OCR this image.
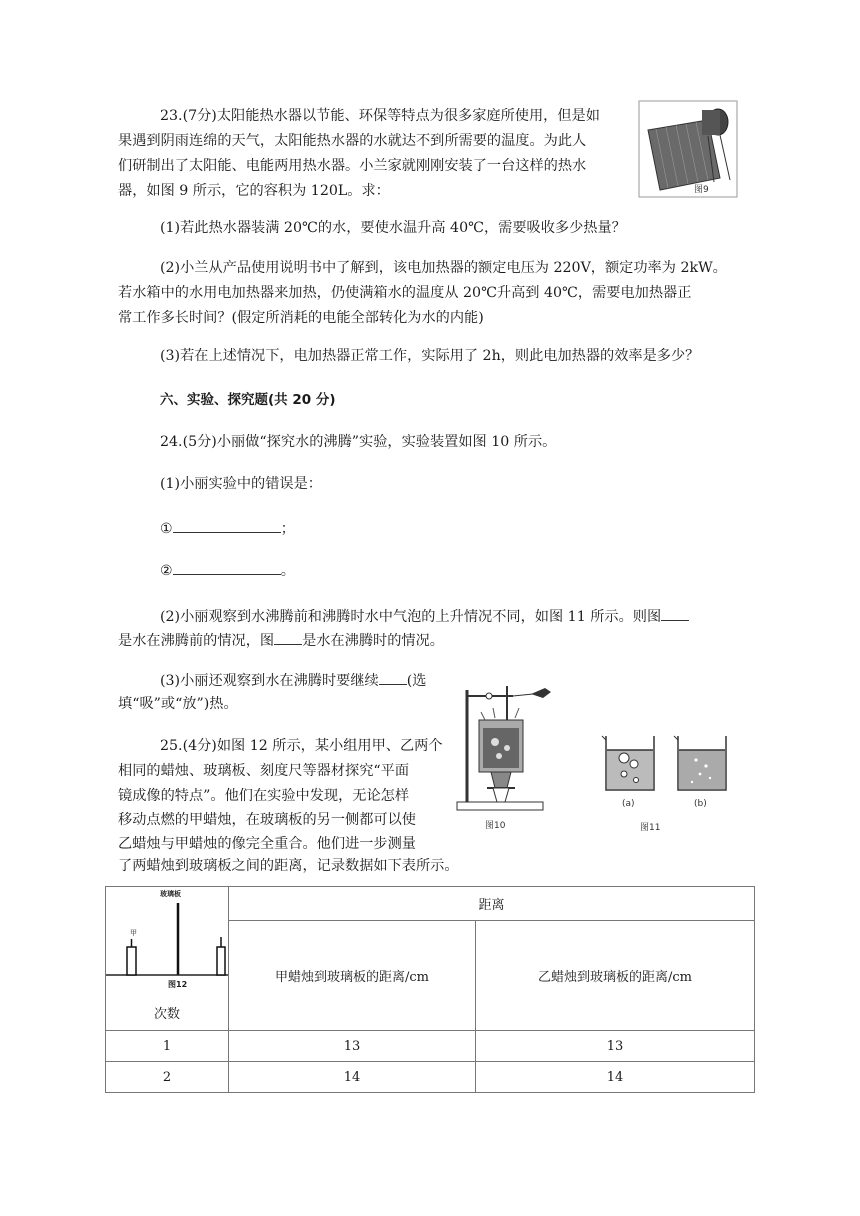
23.(7分)太阳能热水器以节能、环保等特点为很多家庭所使用，但是如
果遇到阴雨连绵的天气，太阳能热水器的水就达不到所需要的温度。为此人
们研制出了太阳能、电能两用热水器。小兰家就刚刚安装了一台这样的热水
器，如图 9 所示，它的容积为 120L。求：	图9
(1)若此热水器装满 20℃的水，要使水温升高 40℃，需要吸收多少热量？
(2)小兰从产品使用说明书中了解到，该电加热器的额定电压为 220V，额定功率为 2kW。
若水箱中的水用电加热器来加热，仍使满箱水的温度从 20℃升高到 40℃，需要电加热器正
常工作多长时间？(假定所消耗的电能全部转化为水的内能)
(3)若在上述情况下，电加热器正常工作，实际用了 2h，则此电加热器的效率是多少？
六、实验、探究题(共 20 分)
24.(5分)小丽做“探究水的沸腾”实验，实验装置如图 10 所示。
(1)小丽实验中的错误是：
①	；
②	。
(2)小丽观察到水沸腾前和沸腾时水中气泡的上升情况不同，如图 11 所示。则图
是水在沸腾前的情况，图 是水在沸腾时的情况。
(3)小丽还观察到水在沸腾时要继续 (选
填“吸”或“放”)热。
图10
(a)	(b)
图11
25.(4分)如图 12 所示，某小组用甲、乙两个
相同的蜡烛、玻璃板、刻度尺等器材探究“平面
镜成像的特点”。他们在实验中发现，无论怎样
移动点燃的甲蜡烛，在玻璃板的另一侧都可以使
乙蜡烛与甲蜡烛的像完全重合。他们进一步测量
了两蜡烛到玻璃板之间的距离，记录数据如下表所示。
玻璃板
甲
图12
次数	距离	
	甲蜡烛到玻璃板的距离/cm	乙蜡烛到玻璃板的距离/cm
1	13	13
2	14	14
